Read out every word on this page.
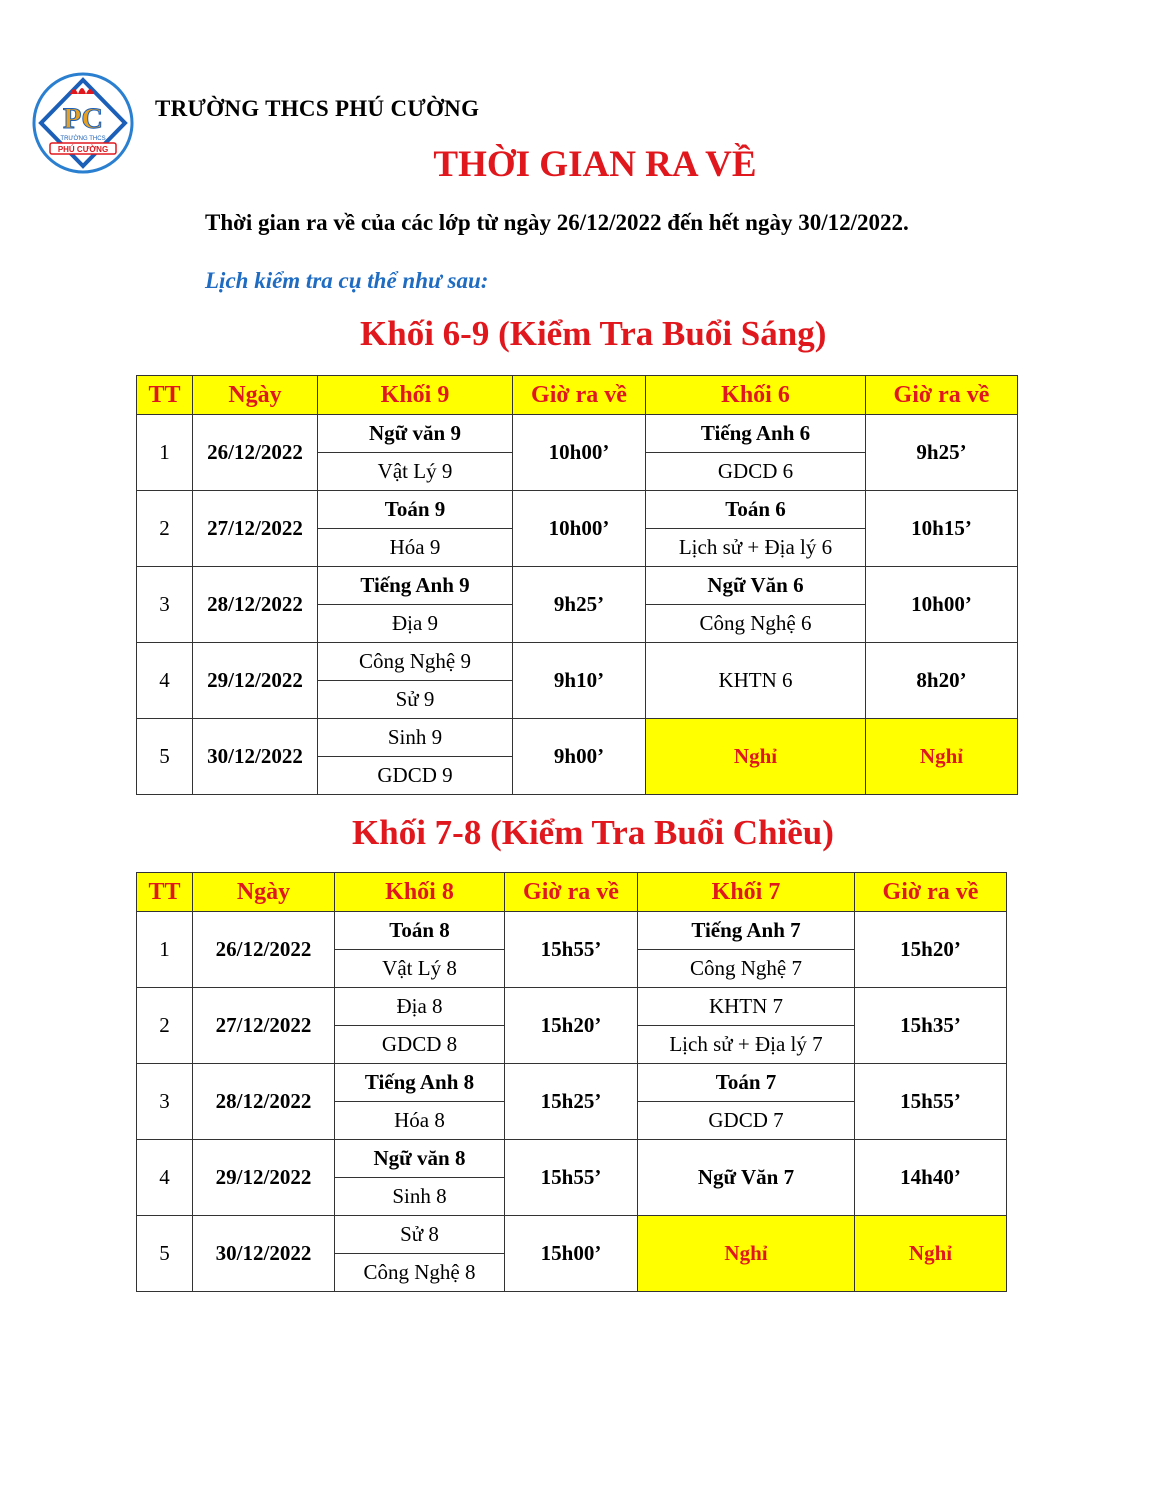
PC
TRƯỜNG THCS
PHÚ CƯỜNG
TRƯỜNG THCS PHÚ CƯỜNG
THỜI GIAN RA VỀ
Thời gian ra về của các lớp từ ngày 26/12/2022 đến hết ngày 30/12/2022.
Lịch kiểm tra cụ thể như sau:
Khối 6-9 (Kiểm Tra Buổi Sáng)
TT	Ngày	Khối 9	Giờ ra về	Khối 6	Giờ ra về
1	26/12/2022	Ngữ văn 9	10h00’	Tiếng Anh 6	9h25’
		Vật Lý 9		GDCD 6	
2	27/12/2022	Toán 9	10h00’	Toán 6	10h15’
		Hóa 9		Lịch sử + Địa lý 6	
3	28/12/2022	Tiếng Anh 9	9h25’	Ngữ Văn 6	10h00’
		Địa 9		Công Nghệ 6	
4	29/12/2022	Công Nghệ 9	9h10’	KHTN 6	8h20’
		Sử 9			
5	30/12/2022	Sinh 9	9h00’	Nghỉ	Nghỉ
		GDCD 9			
Khối 7-8 (Kiểm Tra Buổi Chiều)
TT	Ngày	Khối 8	Giờ ra về	Khối 7	Giờ ra về
1	26/12/2022	Toán 8	15h55’	Tiếng Anh 7	15h20’
		Vật Lý 8		Công Nghệ 7	
2	27/12/2022	Địa 8	15h20’	KHTN 7	15h35’
		GDCD 8		Lịch sử + Địa lý 7	
3	28/12/2022	Tiếng Anh 8	15h25’	Toán 7	15h55’
		Hóa 8		GDCD 7	
4	29/12/2022	Ngữ văn 8	15h55’	Ngữ Văn 7	14h40’
		Sinh 8			
5	30/12/2022	Sử 8	15h00’	Nghỉ	Nghỉ
		Công Nghệ 8			
